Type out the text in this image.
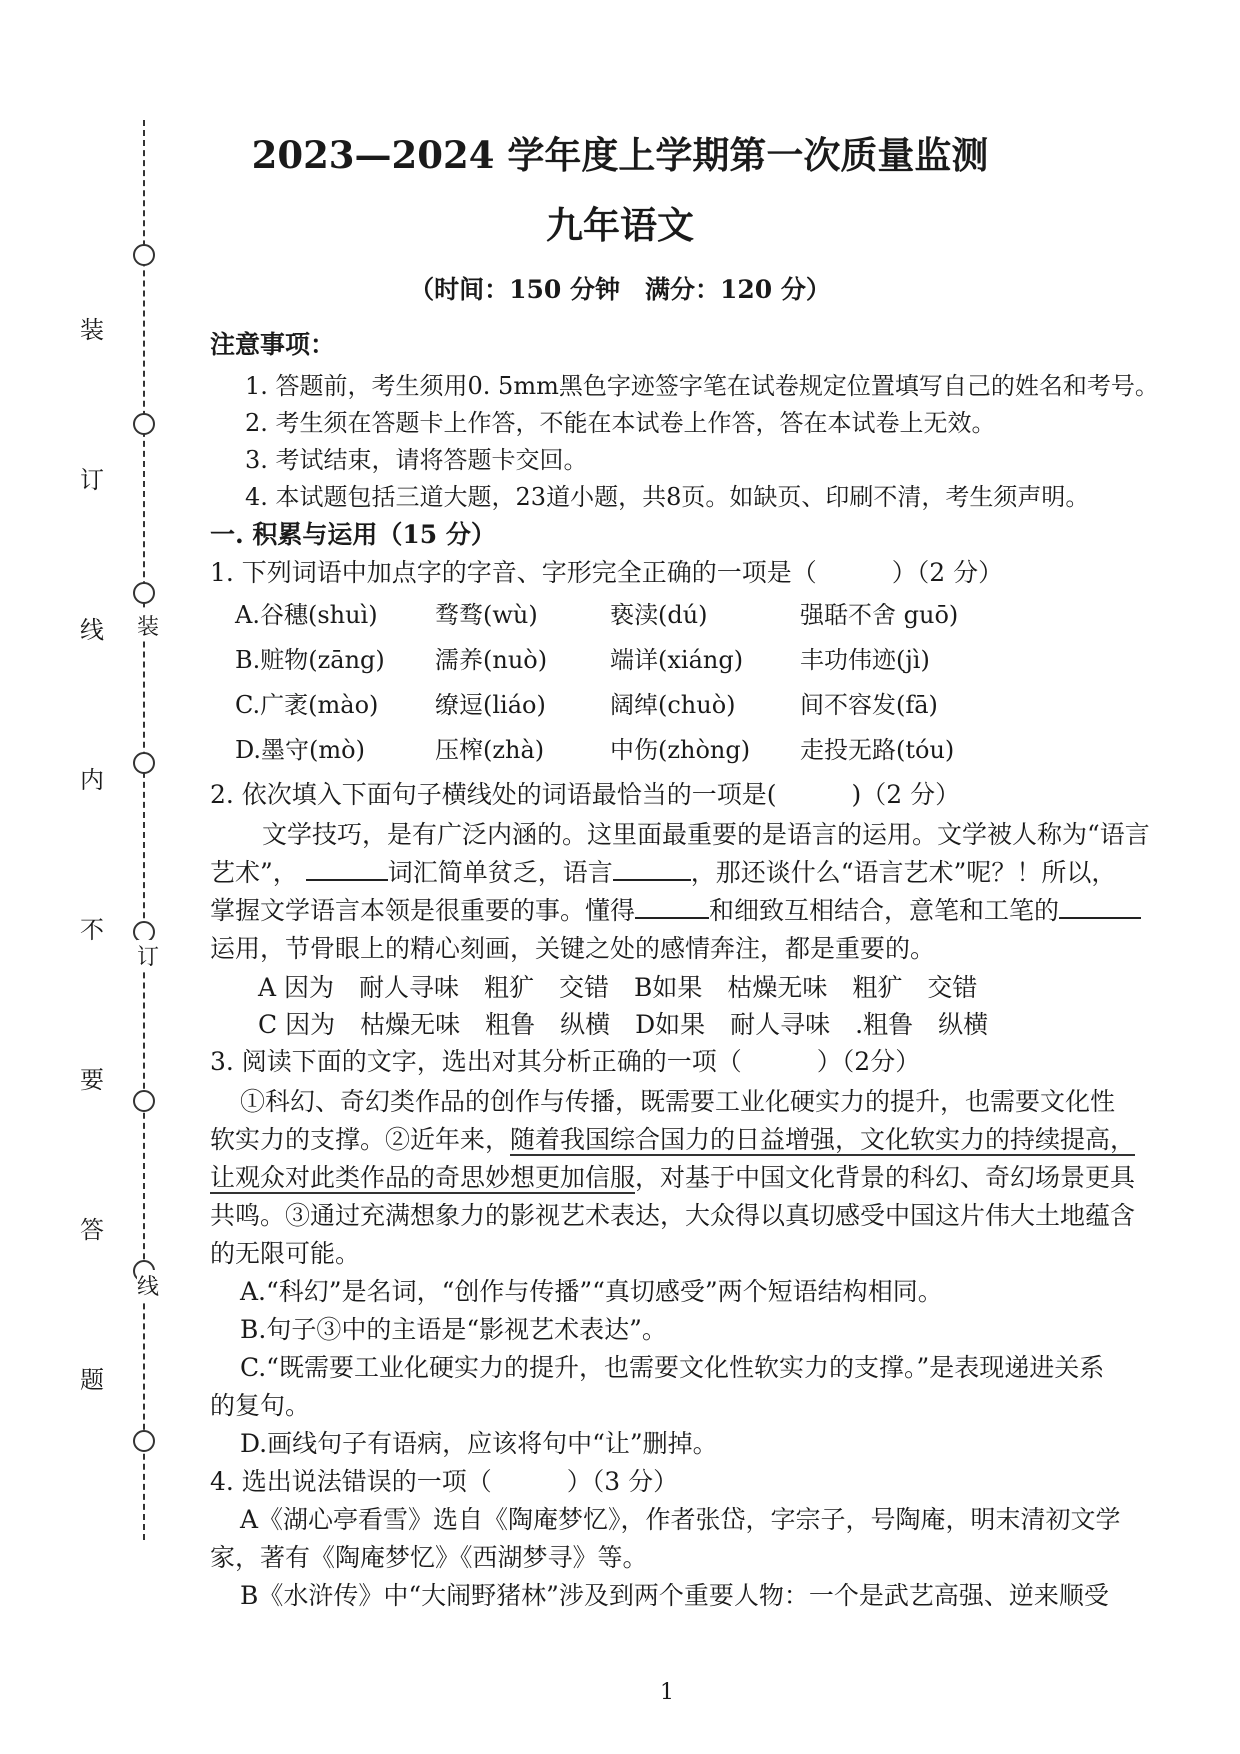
装
订
线
内
不
要
答
题
装
订
线
2023—2024 学年度上学期第一次质量监测
九年语文
（时间：150 分钟　满分：120 分）
注意事项：
1. 答题前，考生须用0. 5mm黑色字迹签字笔在试卷规定位置填写自己的姓名和考号。
2. 考生须在答题卡上作答，不能在本试卷上作答，答在本试卷上无效。
3. 考试结束，请将答题卡交回。
4. 本试题包括三道大题，23道小题，共8页。如缺页、印刷不清，考生须声明。
一. 积累与运用（15 分）
1. 下列词语中加点字的字音、字形完全正确的一项是（　　　）（2 分）
A.谷穗(shuì) 骛骛(wù)	亵渎(dú)	强聒不舍 guō)
B.赃物(zāng) 濡养(nuò)	端详(xiáng) 丰功伟迹(jì)
C.广袤(mào) 缭逗(liáo)	阔绰(chuò)	间不容发(fā)
D.墨守(mò)	压榨(zhà)	中伤(zhòng) 走投无路(tóu)
2. 依次填入下面句子横线处的词语最恰当的一项是(　　　)（2 分）
文学技巧，是有广泛内涵的。这里面最重要的是语言的运用。文学被人称为“语言
艺术”，	词汇简单贫乏，语言	，那还谈什么“语言艺术”呢？！所以，
掌握文学语言本领是很重要的事。懂得	和细致互相结合，意笔和工笔的
运用，节骨眼上的精心刻画，关键之处的感情奔注，都是重要的。
A 因为　耐人寻味　粗犷　交错　B如果　枯燥无味　粗犷　交错
C 因为　枯燥无味　粗鲁　纵横　D如果　耐人寻味　.粗鲁　纵横
3. 阅读下面的文字，选出对其分析正确的一项（　　　）（2分）
①科幻、奇幻类作品的创作与传播，既需要工业化硬实力的提升，也需要文化性
软实力的支撑。②近年来，随着我国综合国力的日益增强，文化软实力的持续提高，
让观众对此类作品的奇思妙想更加信服，对基于中国文化背景的科幻、奇幻场景更具
共鸣。③通过充满想象力的影视艺术表达，大众得以真切感受中国这片伟大土地蕴含
的无限可能。
A.“科幻”是名词，“创作与传播”“真切感受”两个短语结构相同。
B.句子③中的主语是“影视艺术表达”。
C.“既需要工业化硬实力的提升，也需要文化性软实力的支撑。”是表现递进关系
的复句。
D.画线句子有语病，应该将句中“让”删掉。
4. 选出说法错误的一项（　　　）（3 分）
A《湖心亭看雪》选自《陶庵梦忆》，作者张岱，字宗子，号陶庵，明末清初文学
家，著有《陶庵梦忆》《西湖梦寻》等。
B《水浒传》中“大闹野猪林”涉及到两个重要人物：一个是武艺高强、逆来顺受
1
